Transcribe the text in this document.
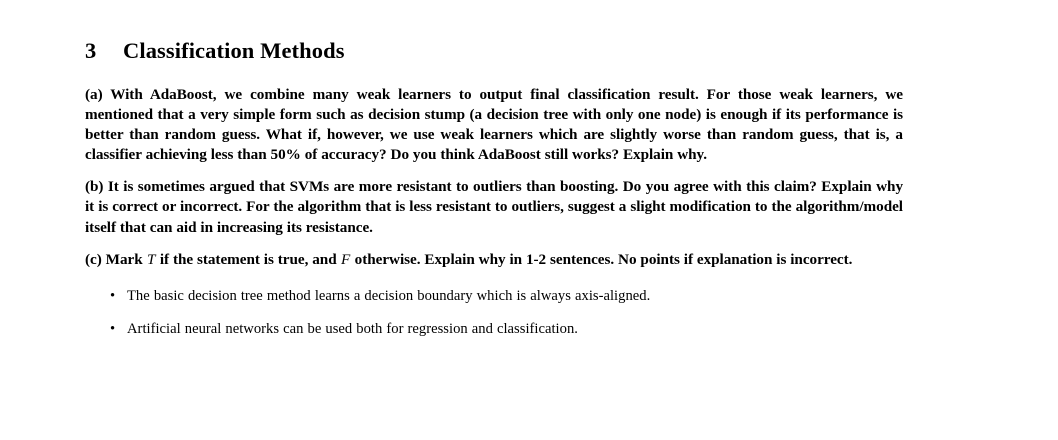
3 Classification Methods

(a) With AdaBoost, we combine many weak learners to output final classification result. For those weak learners, we mentioned that a very simple form such as decision stump (a decision tree with only one node) is enough if its performance is better than random guess. What if, however, we use weak learners which are slightly worse than random guess, that is, a classifier achieving less than 50% of accuracy? Do you think AdaBoost still works? Explain why.

(b) It is sometimes argued that SVMs are more resistant to outliers than boosting. Do you agree with this claim? Explain why it is correct or incorrect. For the algorithm that is less resistant to outliers, suggest a slight modification to the algorithm/model itself that can aid in increasing its resistance.

(c) Mark T if the statement is true, and F otherwise. Explain why in 1-2 sentences. No points if explanation is incorrect.

• The basic decision tree method learns a decision boundary which is always axis-aligned.
• Artificial neural networks can be used both for regression and classification.
